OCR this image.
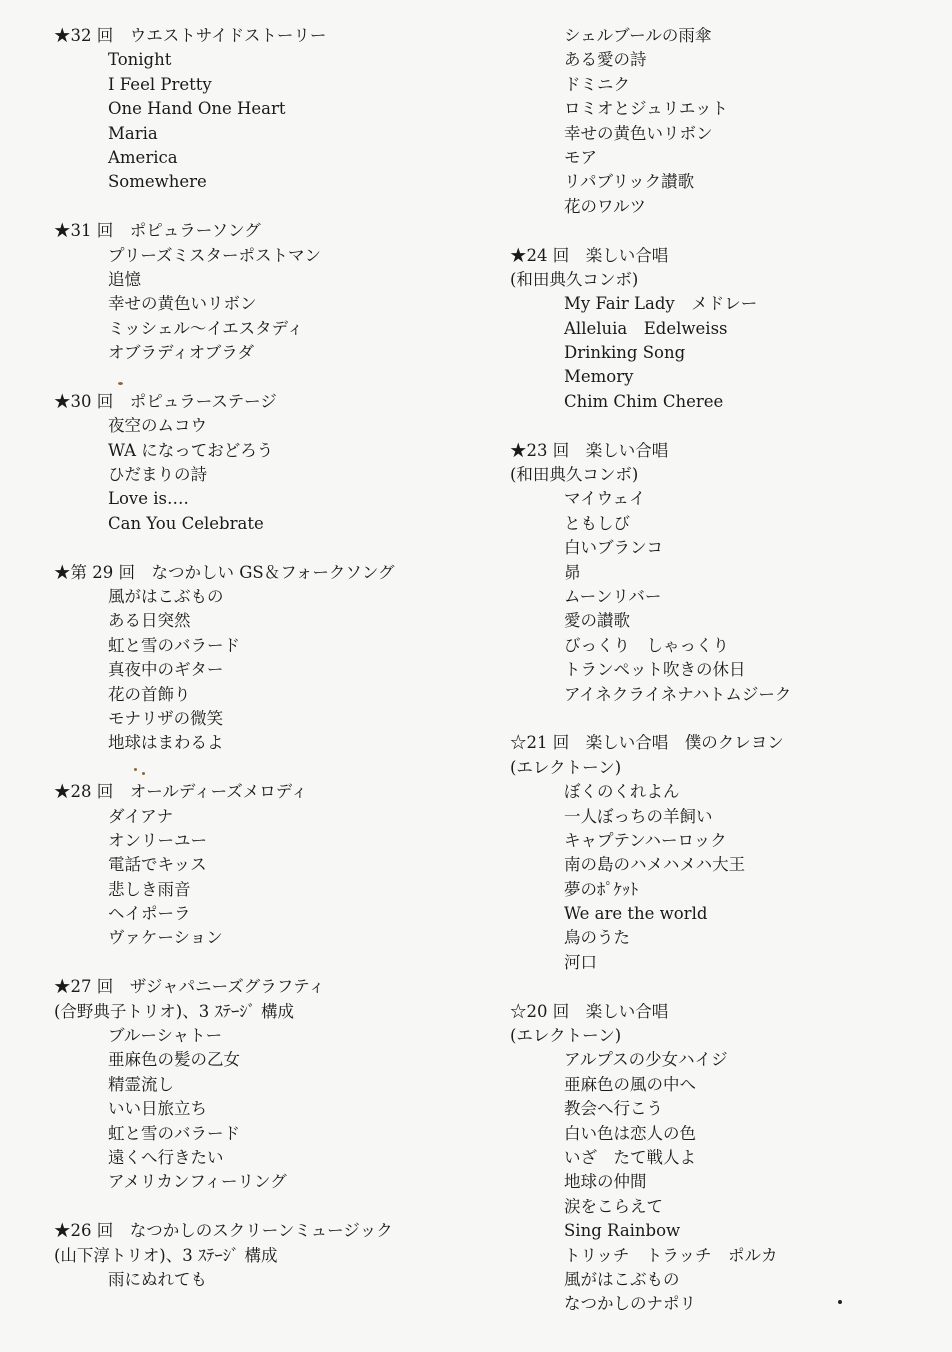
★32 回　ウエストサイドストーリー
Tonight
I Feel Pretty
One Hand One Heart
Maria
America
Somewhere
★31 回　ポピュラーソング
プリーズミスターポストマン
追憶
幸せの黄色いリボン
ミッシェル～イエスタディ
オブラディオブラダ
★30 回　ポピュラーステージ
夜空のムコウ
WA になっておどろう
ひだまりの詩
Love is….
Can You Celebrate
★第 29 回　なつかしい GS＆フォークソング
風がはこぶもの
ある日突然
虹と雪のバラード
真夜中のギター
花の首飾り
モナリザの微笑
地球はまわるよ
★28 回　オールディーズメロディ
ダイアナ
オンリーユー
電話でキッス
悲しき雨音
ヘイポーラ
ヴァケーション
★27 回　ザジャパニーズグラフティ
(合野典子トリオ)、3 ｽﾃｰｼﾞ 構成
ブルーシャトー
亜麻色の髪の乙女
精霊流し
いい日旅立ち
虹と雪のバラード
遠くへ行きたい
アメリカンフィーリング
★26 回　なつかしのスクリーンミュージック
(山下淳トリオ)、3 ｽﾃｰｼﾞ 構成
雨にぬれても
シェルブールの雨傘
ある愛の詩
ドミニク
ロミオとジュリエット
幸せの黄色いリボン
モア
リパブリック讃歌
花のワルツ
★24 回　楽しい合唱
(和田典久コンボ)
My Fair Lady　メドレー
Alleluia　Edelweiss
Drinking Song
Memory
Chim Chim Cheree
★23 回　楽しい合唱
(和田典久コンボ)
マイウェイ
ともしび
白いブランコ
昴
ムーンリバー
愛の讃歌
びっくり　しゃっくり
トランペット吹きの休日
アイネクライネナハトムジーク
☆21 回　楽しい合唱　僕のクレヨン
(エレクトーン)
ぼくのくれよん
一人ぼっちの羊飼い
キャプテンハーロック
南の島のハメハメハ大王
夢のﾎﾟｹｯﾄ
We are the world
鳥のうた
河口
☆20 回　楽しい合唱
(エレクトーン)
アルプスの少女ハイジ
亜麻色の風の中へ
教会へ行こう
白い色は恋人の色
いざ　たて戦人よ
地球の仲間
涙をこらえて
Sing Rainbow
トリッチ　トラッチ　ポルカ
風がはこぶもの
なつかしのナポリ
